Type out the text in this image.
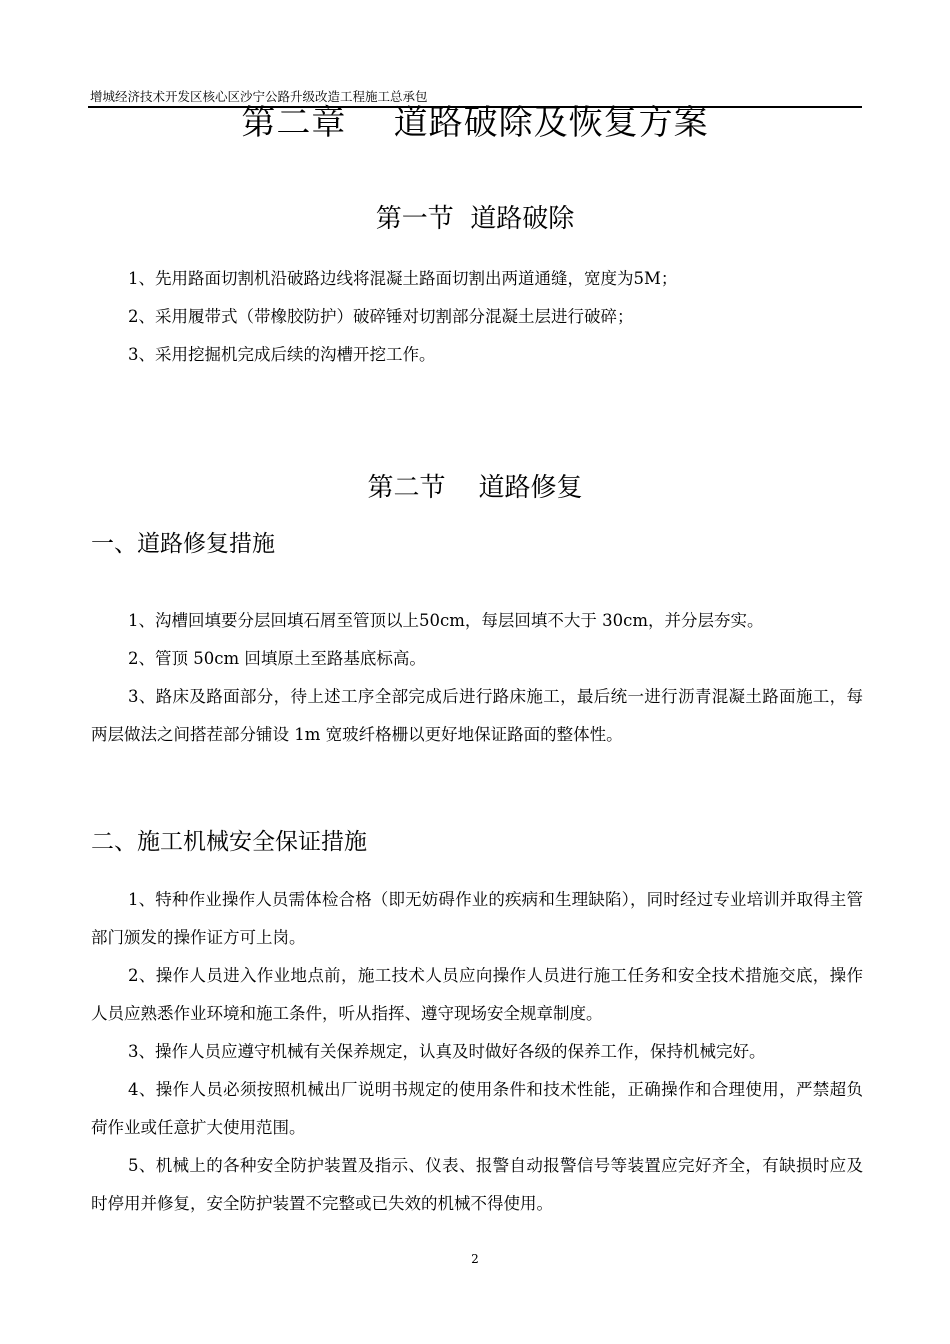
增城经济技术开发区核心区沙宁公路升级改造工程施工总承包
第二章    道路破除及恢复方案
第一节  道路破除
1、先用路面切割机沿破路边线将混凝土路面切割出两道通缝，宽度为5M；
2、采用履带式（带橡胶防护）破碎锤对切割部分混凝土层进行破碎；
3、采用挖掘机完成后续的沟槽开挖工作。
第二节    道路修复
一、道路修复措施
1、沟槽回填要分层回填石屑至管顶以上50cm，每层回填不大于 30cm，并分层夯实。
2、管顶 50cm 回填原土至路基底标高。
3、路床及路面部分，待上述工序全部完成后进行路床施工，最后统一进行沥青混凝土路面施工，每两层做法之间搭茬部分铺设 1m 宽玻纤格栅以更好地保证路面的整体性。
二、施工机械安全保证措施
1、特种作业操作人员需体检合格（即无妨碍作业的疾病和生理缺陷），同时经过专业培训并取得主管部门颁发的操作证方可上岗。
2、操作人员进入作业地点前，施工技术人员应向操作人员进行施工任务和安全技术措施交底，操作人员应熟悉作业环境和施工条件，听从指挥、遵守现场安全规章制度。
3、操作人员应遵守机械有关保养规定，认真及时做好各级的保养工作，保持机械完好。
4、操作人员必须按照机械出厂说明书规定的使用条件和技术性能，正确操作和合理使用，严禁超负荷作业或任意扩大使用范围。
5、机械上的各种安全防护装置及指示、仪表、报警自动报警信号等装置应完好齐全，有缺损时应及时停用并修复，安全防护装置不完整或已失效的机械不得使用。
2
